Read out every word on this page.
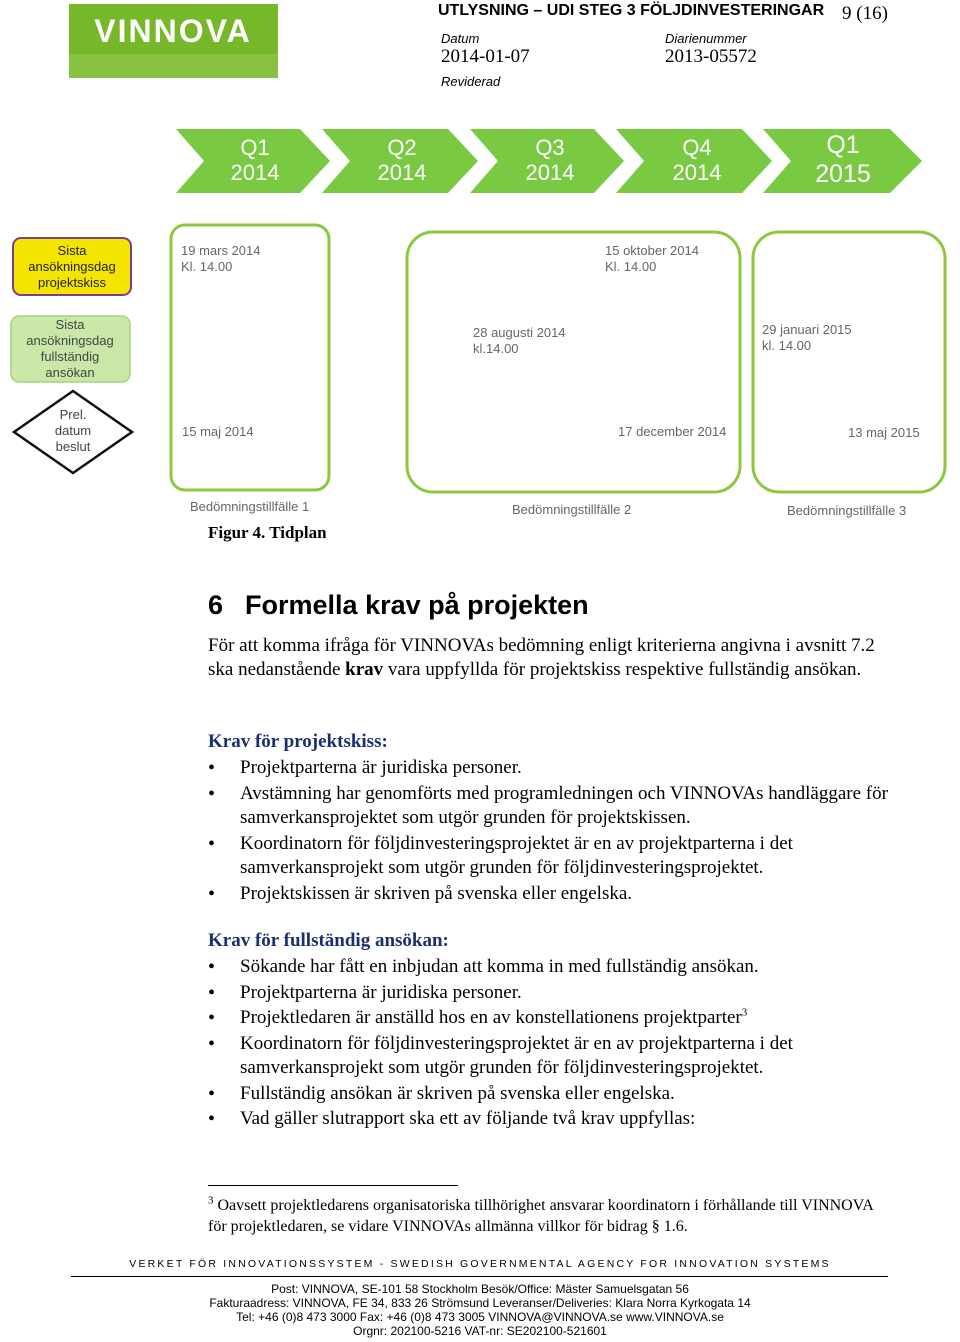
VINNOVA
UTLYSNING – UDI STEG 3 FÖLJDINVESTERINGAR 9 (16)
Datum
2014-01-07
Reviderad
Diarienummer
2013-05572
Q1
2014
Q2
2014
Q3
2014
Q4
2014
Q1
2015
Sista
ansökningsdag
projektskiss
Sista
ansökningsdag
fullständig
ansökan
Prel.
datum
beslut
19 mars 2014
Kl. 14.00
28 augusti 2014
kl.14.00
15 oktober 2014
Kl. 14.00
29 januari 2015
kl. 14.00
15 maj 2014	17 december 2014	13 maj 2015
Bedömningstillfälle 1	Bedömningstillfälle 2	Bedömningstillfälle 3
Figur 4. Tidplan
6 Formella krav på projekten
För att komma ifråga för VINNOVAs bedömning enligt kriterierna angivna i avsnitt 7.2 ska nedanstående krav vara uppfyllda för projektskiss respektive fullständig ansökan.
Krav för projektskiss:
• Projektparterna är juridiska personer.
• Avstämning har genomförts med programledningen och VINNOVAs handläggare för samverkansprojektet som utgör grunden för projektskissen.
• Koordinatorn för följdinvesteringsprojektet är en av projektparterna i det samverkansprojekt som utgör grunden för följdinvesteringsprojektet.
• Projektskissen är skriven på svenska eller engelska.
Krav för fullständig ansökan:
• Sökande har fått en inbjudan att komma in med fullständig ansökan.
• Projektparterna är juridiska personer.
• Projektledaren är anställd hos en av konstellationens projektparter$^3$
• Koordinatorn för följdinvesteringsprojektet är en av projektparterna i det samverkansprojekt som utgör grunden för följdinvesteringsprojektet.
• Fullständig ansökan är skriven på svenska eller engelska.
• Vad gäller slutrapport ska ett av följande två krav uppfyllas:
$^3$ Oavsett projektledarens organisatoriska tillhörighet ansvarar koordinatorn i förhållande till VINNOVA för projektledaren, se vidare VINNOVAs allmänna villkor för bidrag § 1.6.
VERKET FÖR INNOVATIONSSYSTEM - SWEDISH GOVERNMENTAL AGENCY FOR INNOVATION SYSTEMS
Post: VINNOVA, SE-101 58 Stockholm Besök/Office: Mäster Samuelsgatan 56
Fakturaadress: VINNOVA, FE 34, 833 26 Strömsund Leveranser/Deliveries: Klara Norra Kyrkogata 14
Tel: +46 (0)8 473 3000 Fax: +46 (0)8 473 3005 VINNOVA@VINNOVA.se www.VINNOVA.se
Orgnr: 202100-5216 VAT-nr: SE202100-521601
